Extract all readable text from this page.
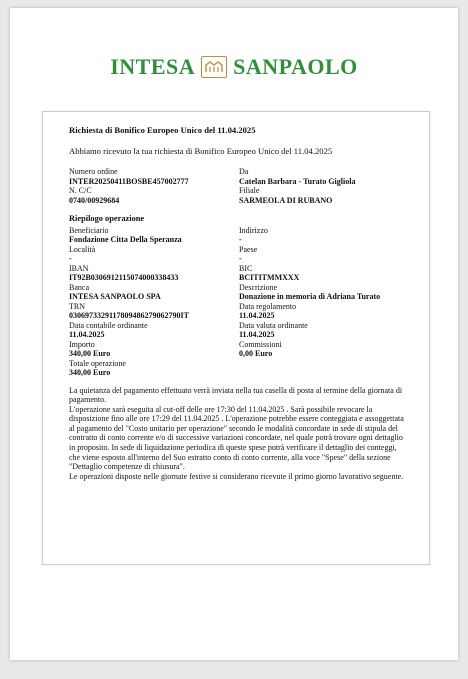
INTESA SANPAOLO
Richiesta di Bonifico Europeo Unico del 11.04.2025
Abbiamo ricevuto la tua richiesta di Bonifico Europeo Unico del 11.04.2025
Numero ordine
INTER20250411BOSBE457002777
Da
Catelan Barbara - Turato Gigliola
N. C/C
0740/00929684
Filiale
SARMEOLA DI RUBANO
Riepilogo operazione
Beneficiario
Fondazione Citta Della Speranza
Indirizzo
-
Località
-
Paese
-
IBAN
IT92B0306912115074000338433
BIC
BCITITMMXXX
Banca
INTESA SANPAOLO SPA
Descrizione
Donazione in memoria di Adriana Turato
TRN
0306973329117809486279062790IT
Data regolamento
11.04.2025
Data contabile ordinante
11.04.2025
Data valuta ordinante
11.04.2025
Importo
340,00 Euro
Commissioni
0,00 Euro
Totale operazione
340,00 Euro

La quietanza del pagamento effettuato verrà inviata nella tua casella di posta al termine della giornata di pagamento.

L'operazione sarà eseguita al cut-off delle ore 17:30 del 11.04.2025 . Sarà possibile revocare la disposizione fino alle ore 17:29 del 11.04.2025 . L'operazione potrebbe essere conteggiata e assoggettata al pagamento del "Costo unitario per operazione" secondo le modalità concordate in sede di stipula del contratto di conto corrente e/o di successive variazioni concordate, nel quale potrà trovare ogni dettaglio in proposito. In sede di liquidazione periodica di queste spese potrà verificare il dettaglio dei conteggi, che viene esposto all'interno del Suo estratto conto di conto corrente, alla voce "Spese" della sezione "Dettaglio competenze di chiusura".

Le operazioni disposte nelle giornate festive si considerano ricevute il primo giorno lavorativo seguente.
